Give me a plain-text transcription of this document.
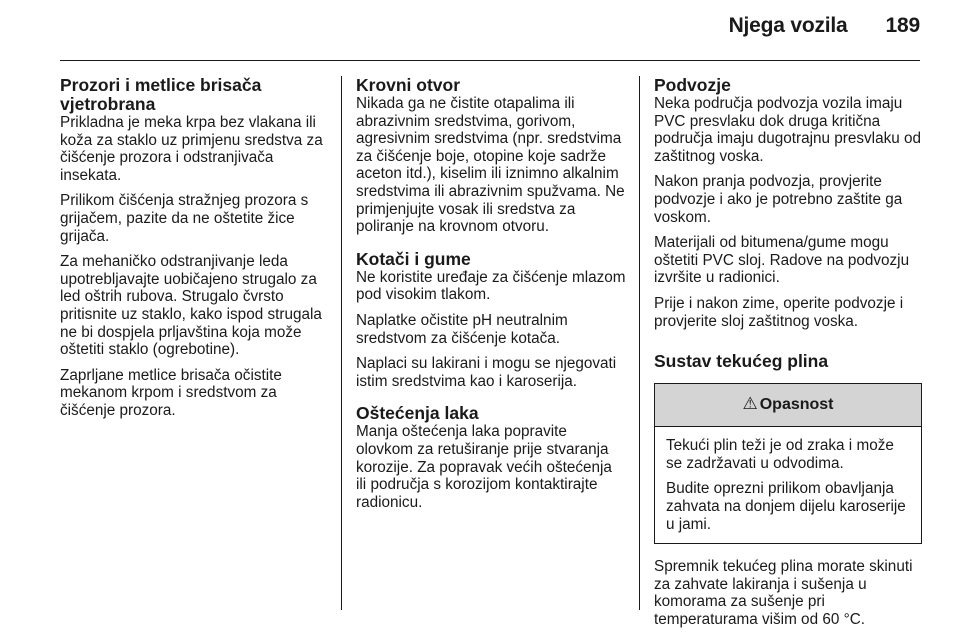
Njega vozila 189
Prozori i metlice brisača vjetrobrana

Prikladna je meka krpa bez vlakana ili koža za staklo uz primjenu sredstva za čišćenje prozora i odstranjivača insekata.

Prilikom čišćenja stražnjeg prozora s grijačem, pazite da ne oštetite žice grijača.

Za mehaničko odstranjivanje leda upotrebljavajte uobičajeno strugalo za led oštrih rubova. Strugalo čvrsto pritisnite uz staklo, kako ispod strugala ne bi dospjela prljavština koja može oštetiti staklo (ogrebotine).

Zaprljane metlice brisača očistite mekanom krpom i sredstvom za čišćenje prozora.

Krovni otvor

Nikada ga ne čistite otapalima ili abrazivnim sredstvima, gorivom, agresivnim sredstvima (npr. sredstvima za čišćenje boje, otopine koje sadrže aceton itd.), kiselim ili iznimno alkalnim sredstvima ili abrazivnim spužvama. Ne primjenjujte vosak ili sredstva za poliranje na krovnom otvoru.

Kotači i gume

Ne koristite uređaje za čišćenje mlazom pod visokim tlakom.

Naplatke očistite pH neutralnim sredstvom za čišćenje kotača.

Naplaci su lakirani i mogu se njegovati istim sredstvima kao i karoserija.

Oštećenja laka

Manja oštećenja laka popravite olovkom za retuširanje prije stvaranja korozije. Za popravak većih oštećenja ili područja s korozijom kontaktirajte radionicu.

Podvozje

Neka područja podvozja vozila imaju PVC presvlaku dok druga kritična područja imaju dugotrajnu presvlaku od zaštitnog voska.

Nakon pranja podvozja, provjerite podvozje i ako je potrebno zaštite ga voskom.

Materijali od bitumena/gume mogu oštetiti PVC sloj. Radove na podvozju izvršite u radionici.

Prije i nakon zime, operite podvozje i provjerite sloj zaštitnog voska.

Sustav tekućeg plina
⚠ Opasnost

Tekući plin teži je od zraka i može se zadržavati u odvodima.

Budite oprezni prilikom obavljanja zahvata na donjem dijelu karoserije u jami.

Spremnik tekućeg plina morate skinuti za zahvate lakiranja i sušenja u komorama za sušenje pri temperaturama višim od 60 °C.
